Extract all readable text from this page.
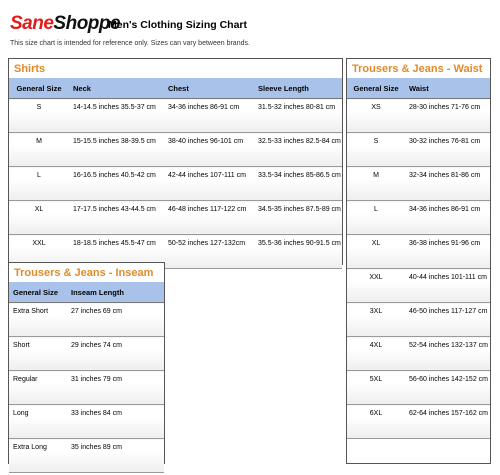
SaneShoppe
Men's Clothing Sizing Chart
This size chart is intended for reference only. Sizes can vary between brands.
Shirts
General Size	Neck	Chest	Sleeve Length
S	14-14.5 inches 35.5-37 cm	34-36 inches 86-91 cm	31.5-32 inches 80-81 cm
M	15-15.5 inches 38-39.5 cm	38-40 inches 96-101 cm	32.5-33 inches 82.5-84 cm
L	16-16.5 inches 40.5-42 cm	42-44 inches 107-111 cm	33.5-34 inches 85-86.5 cm
XL	17-17.5 inches 43-44.5 cm	46-48 inches 117-122 cm	34.5-35 inches 87.5-89 cm
XXL	18-18.5 inches 45.5-47 cm	50-52 inches 127-132cm	35.5-36 inches 90-91.5 cm
Trousers & Jeans - Waist
General Size	Waist
XS	28-30 inches 71-76 cm
S	30-32 inches 76-81 cm
M	32-34 inches 81-86 cm
L	34-36 inches 86-91 cm
XL	36-38 inches 91-96 cm
XXL	40-44 inches 101-111 cm
3XL	46-50 inches 117-127 cm
4XL	52-54 inches 132-137 cm
5XL	56-60 inches 142-152 cm
6XL	62-64 inches 157-162 cm
Trousers & Jeans - Inseam
General Size	Inseam Length
Extra Short	27 inches 69 cm
Short	29 inches 74 cm
Regular	31 inches 79 cm
Long	33 inches 84 cm
Extra Long	35 inches 89 cm
